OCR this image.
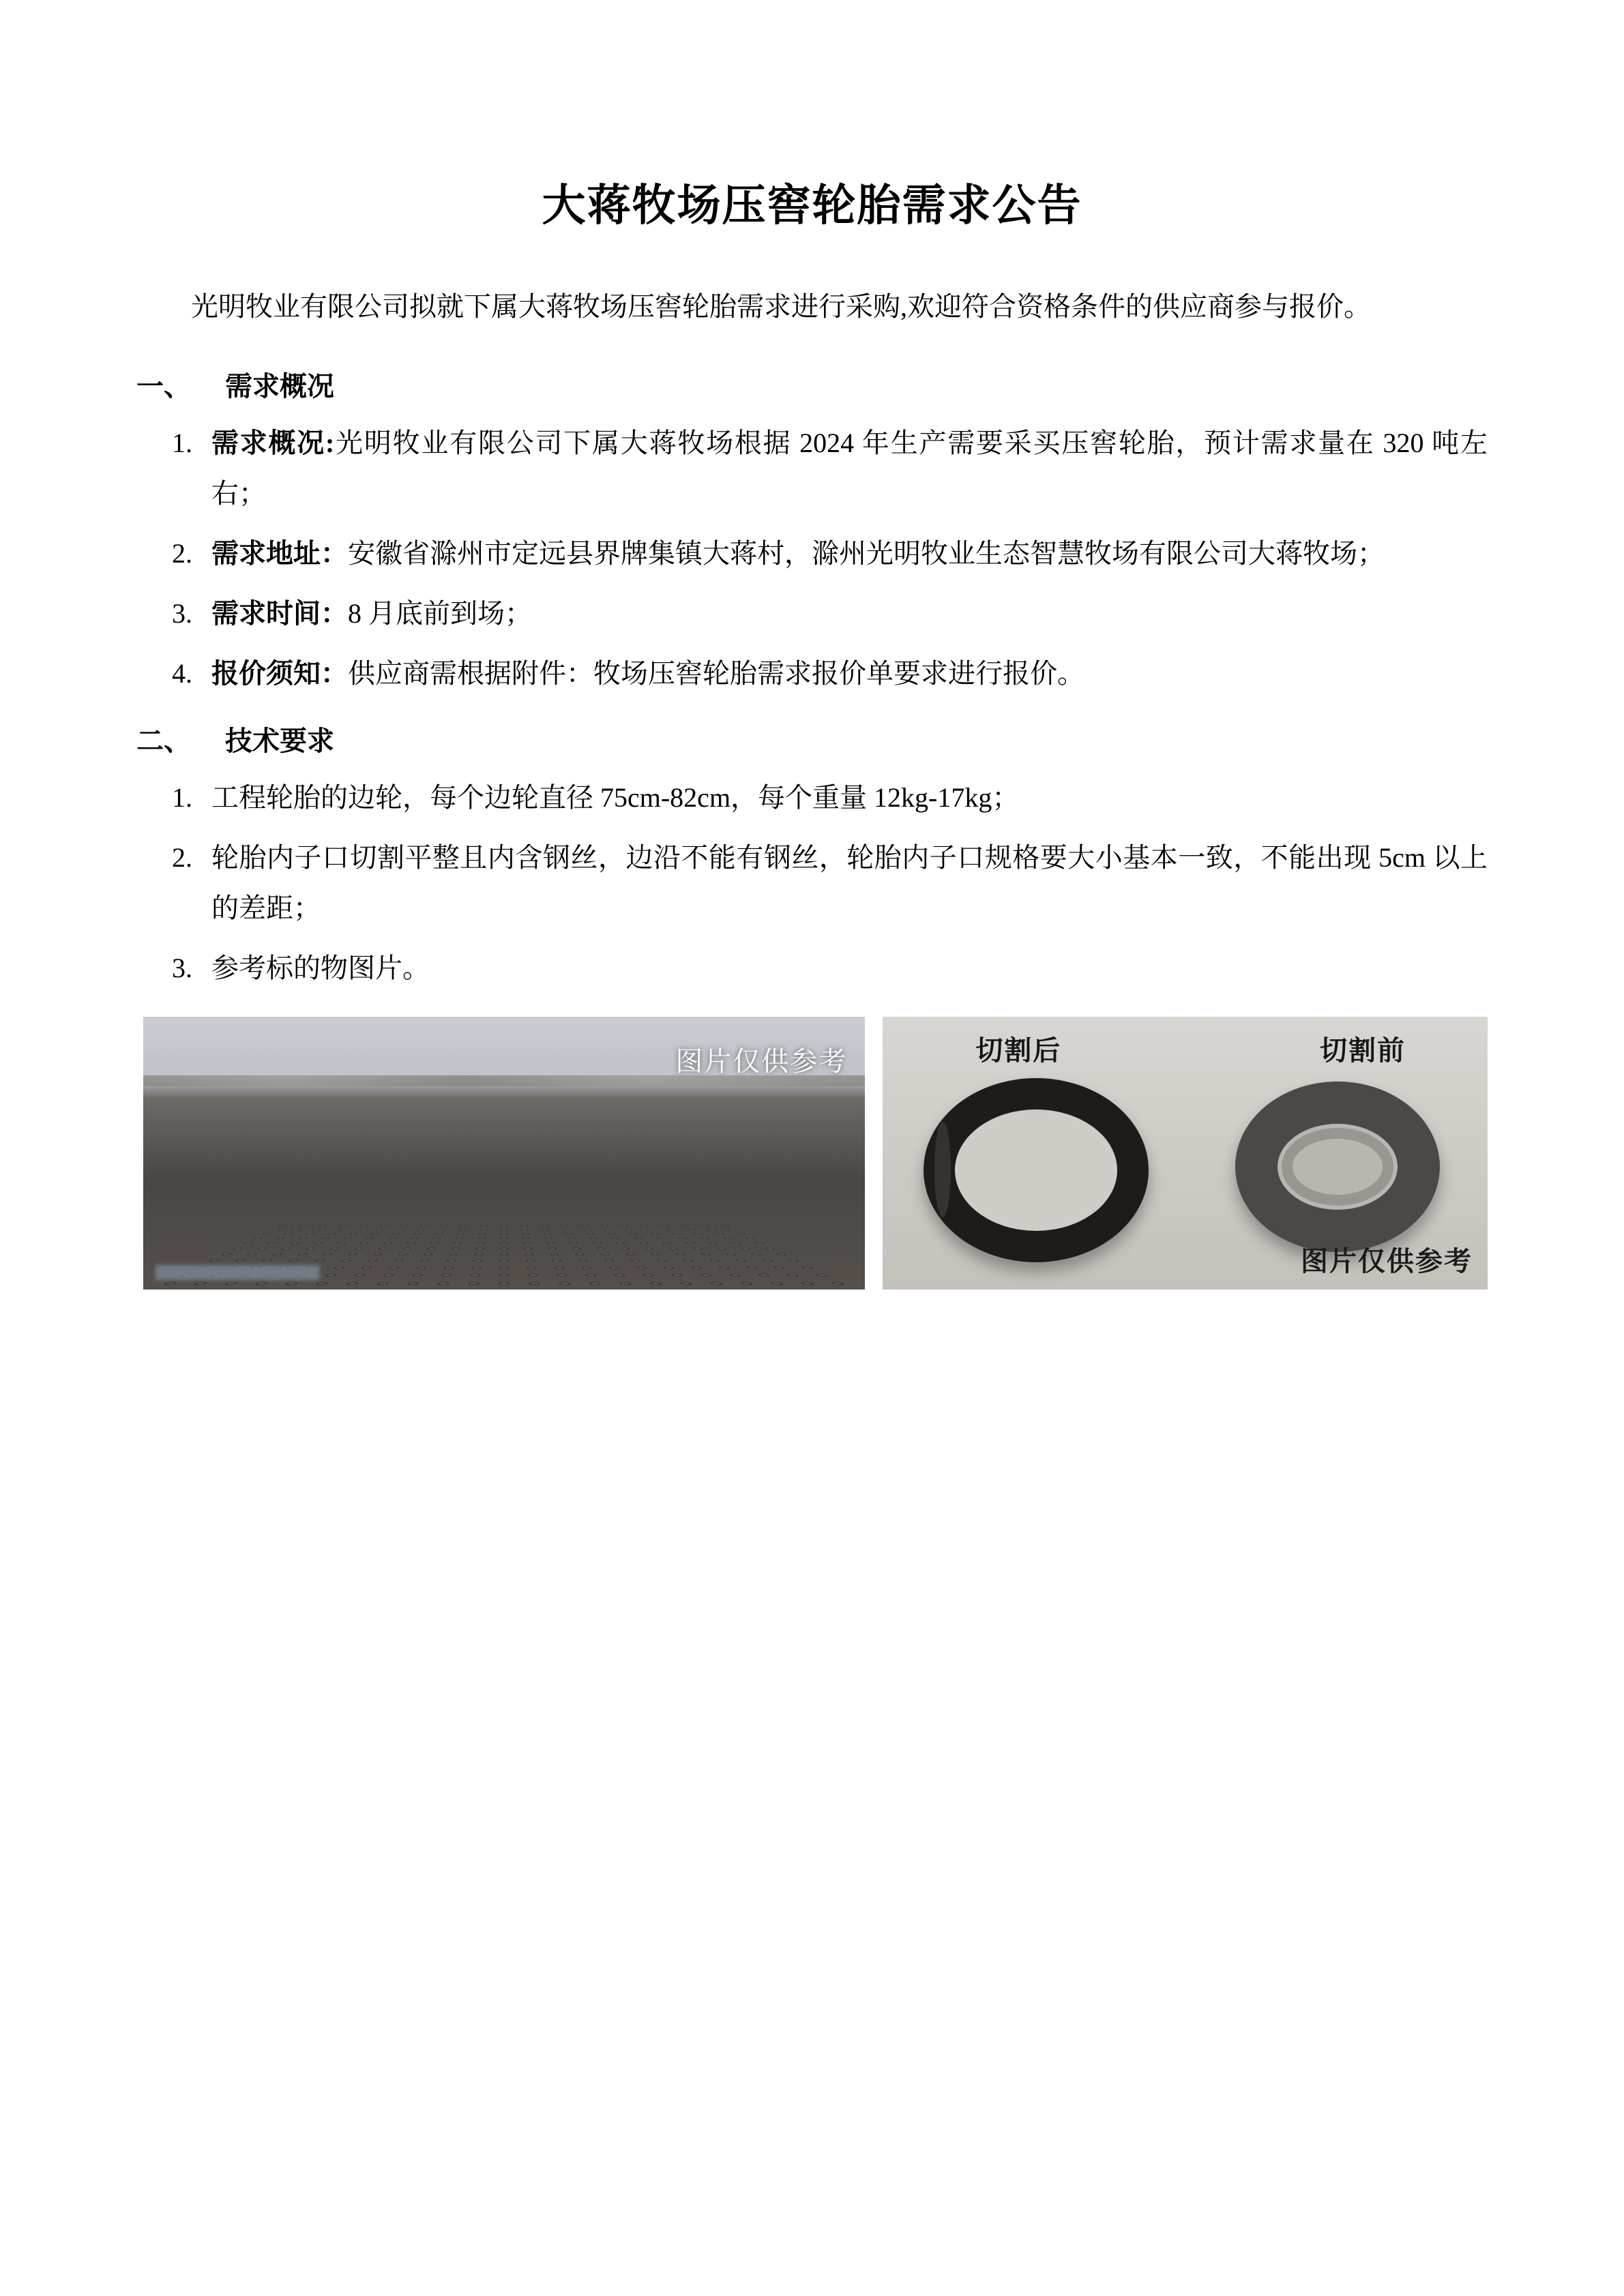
大蒋牧场压窖轮胎需求公告

光明牧业有限公司拟就下属大蒋牧场压窖轮胎需求进行采购,欢迎符合资格条件的供应商参与报价。

一、	需求概况
1. 需求概况:光明牧业有限公司下属大蒋牧场根据 2024 年生产需要采买压窖轮胎，预计需求量在 320 吨左右；
2. 需求地址：安徽省滁州市定远县界牌集镇大蒋村，滁州光明牧业生态智慧牧场有限公司大蒋牧场；
3. 需求时间：8 月底前到场；
4. 报价须知：供应商需根据附件：牧场压窖轮胎需求报价单要求进行报价。
二、	技术要求
1. 工程轮胎的边轮，每个边轮直径 75cm-82cm，每个重量 12kg-17kg；
2. 轮胎内子口切割平整且内含钢丝，边沿不能有钢丝，轮胎内子口规格要大小基本一致，不能出现 5cm 以上的差距；
3. 参考标的物图片。
图片仅供参考	切割后	切割前
图片仅供参考
